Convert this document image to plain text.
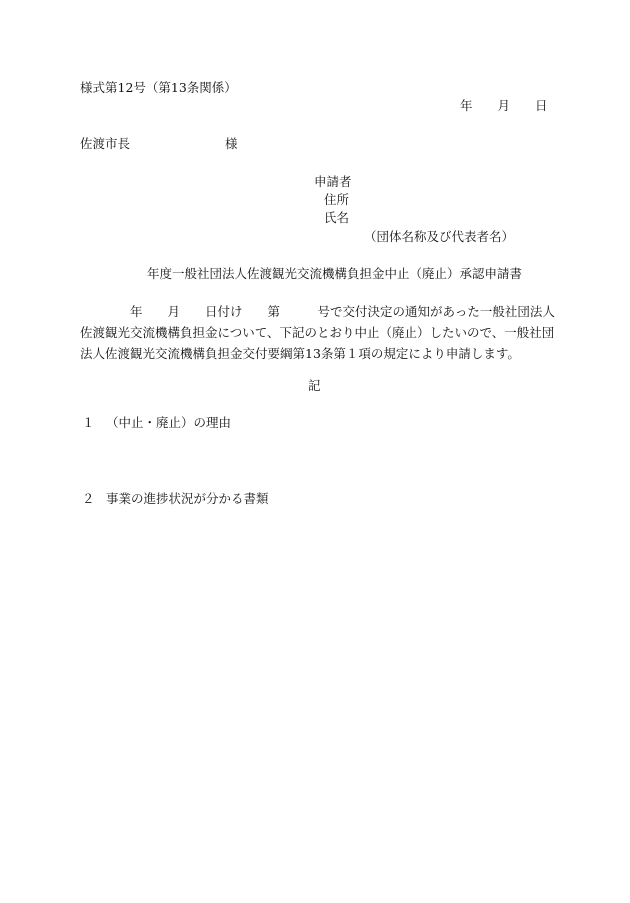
様式第12号（第13条関係）
年　　月　　日
佐渡市長	様
申請者
住所
氏名
（団体名称及び代表者名）
年度一般社団法人佐渡観光交流機構負担金中止（廃止）承認申請書
　　　　年　　月　　日付け　　第　　　号で交付決定の通知があった一般社団法人
佐渡観光交流機構負担金について、下記のとおり中止（廃止）したいので、一般社団
法人佐渡観光交流機構負担金交付要綱第13条第１項の規定により申請します。
記
１ （中止・廃止）の理由
２ 事業の進捗状況が分かる書類
